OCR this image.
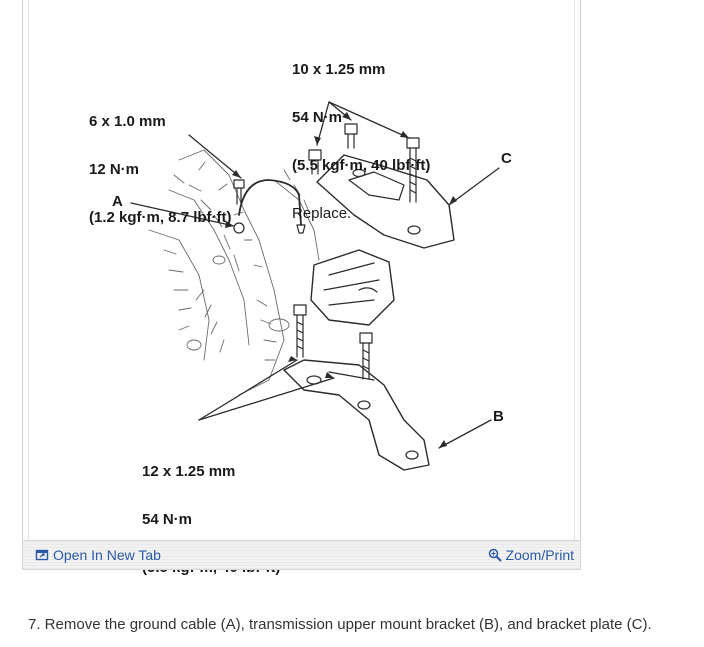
10 x 1.25 mm

54 N·m

(5.5 kgf·m, 40 lbf·ft)

Replace.

6 x 1.0 mm

12 N·m

(1.2 kgf·m, 8.7 lbf·ft)

12 x 1.25 mm

54 N·m

A
B
C
Open In New Tab	Zoom/Print
7. Remove the ground cable (A), transmission upper mount bracket (B), and bracket plate (C).
